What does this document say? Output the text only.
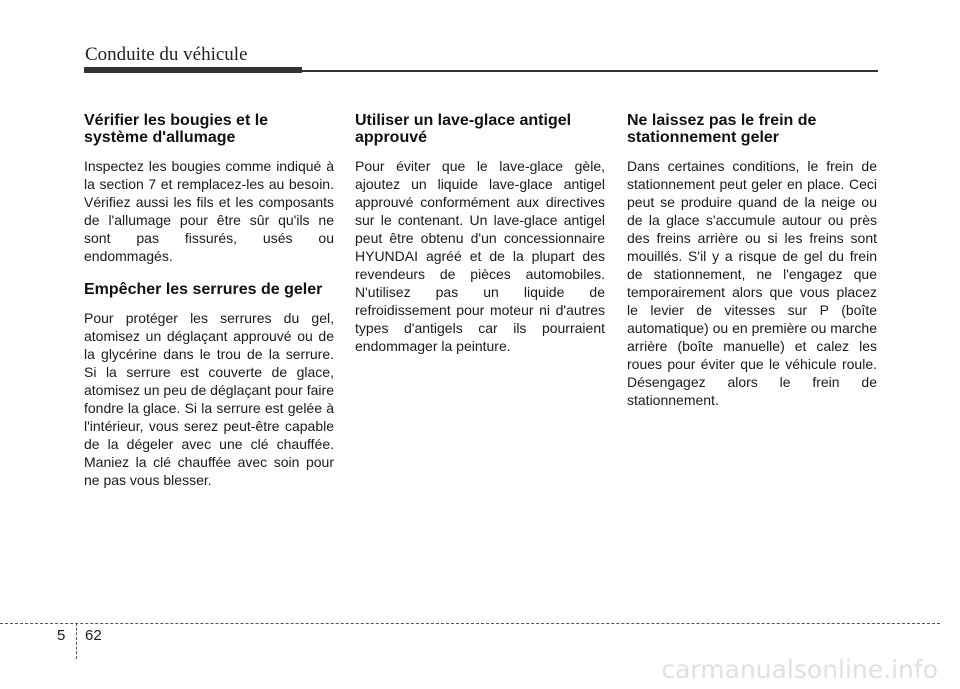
Conduite du véhicule
Vérifier les bougies et le système d'allumage

Inspectez les bougies comme indiqué à la section 7 et remplacez-les au besoin. Vérifiez aussi les fils et les composants de l'allumage pour être sûr qu'ils ne sont pas fissurés, usés ou endommagés.

Empêcher les serrures de geler

Pour protéger les serrures du gel, atomisez un déglaçant approuvé ou de la glycérine dans le trou de la serrure. Si la serrure est couverte de glace, atomisez un peu de déglaçant pour faire fondre la glace. Si la serrure est gelée à l'intérieur, vous serez peut-être capable de la dégeler avec une clé chauffée. Maniez la clé chauffée avec soin pour ne pas vous blesser.

Utiliser un lave-glace antigel approuvé

Pour éviter que le lave-glace gèle, ajoutez un liquide lave-glace antigel approuvé conformément aux directives sur le contenant. Un lave-glace antigel peut être obtenu d'un concessionnaire HYUNDAI agréé et de la plupart des revendeurs de pièces automobiles. N'utilisez pas un liquide de refroidissement pour moteur ni d'autres types d'antigels car ils pourraient endommager la peinture.

Ne laissez pas le frein de stationnement geler

Dans certaines conditions, le frein de stationnement peut geler en place. Ceci peut se produire quand de la neige ou de la glace s'accumule autour ou près des freins arrière ou si les freins sont mouillés. S'il y a risque de gel du frein de stationnement, ne l'engagez que temporairement alors que vous placez le levier de vitesses sur P (boîte automatique) ou en première ou marche arrière (boîte manuelle) et calez les roues pour éviter que le véhicule roule. Désengagez alors le frein de stationnement.

5 62
carmanualsonline.info
